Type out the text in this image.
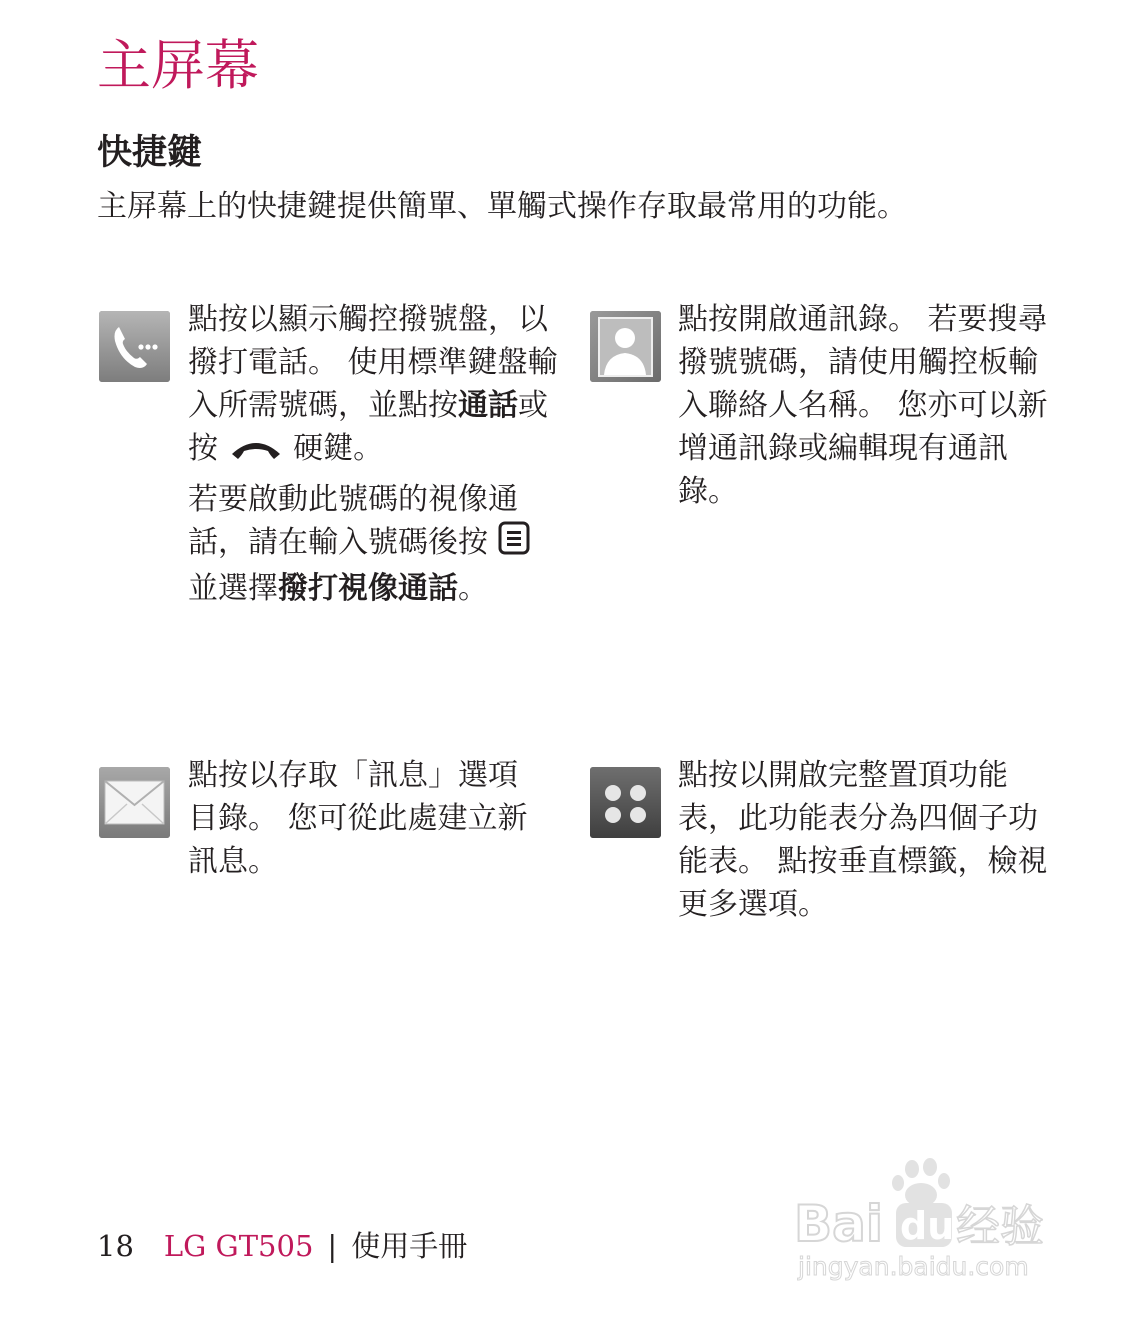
主屏幕
快捷鍵

主屏幕上的快捷鍵提供簡單、單觸式操作存取最常用的功能。

點按以顯示觸控撥號盤，以撥打電話。 使用標準鍵盤輸入所需號碼，並點按通話或按	硬鍵。

若要啟動此號碼的視像通話，請在輸入號碼後按  並選擇撥打視像通話。

點按開啟通訊錄。 若要搜尋撥號號碼，請使用觸控板輸入聯絡人名稱。 您亦可以新增通訊錄或編輯現有通訊錄。

點按以存取「訊息」選項目錄。 您可從此處建立新訊息。

點按以開啟完整置頂功能表，此功能表分為四個子功能表。 點按垂直標籤，檢視更多選項。

18 LG GT505 | 使用手冊	Bai du 经验
jingyan.baidu.com
